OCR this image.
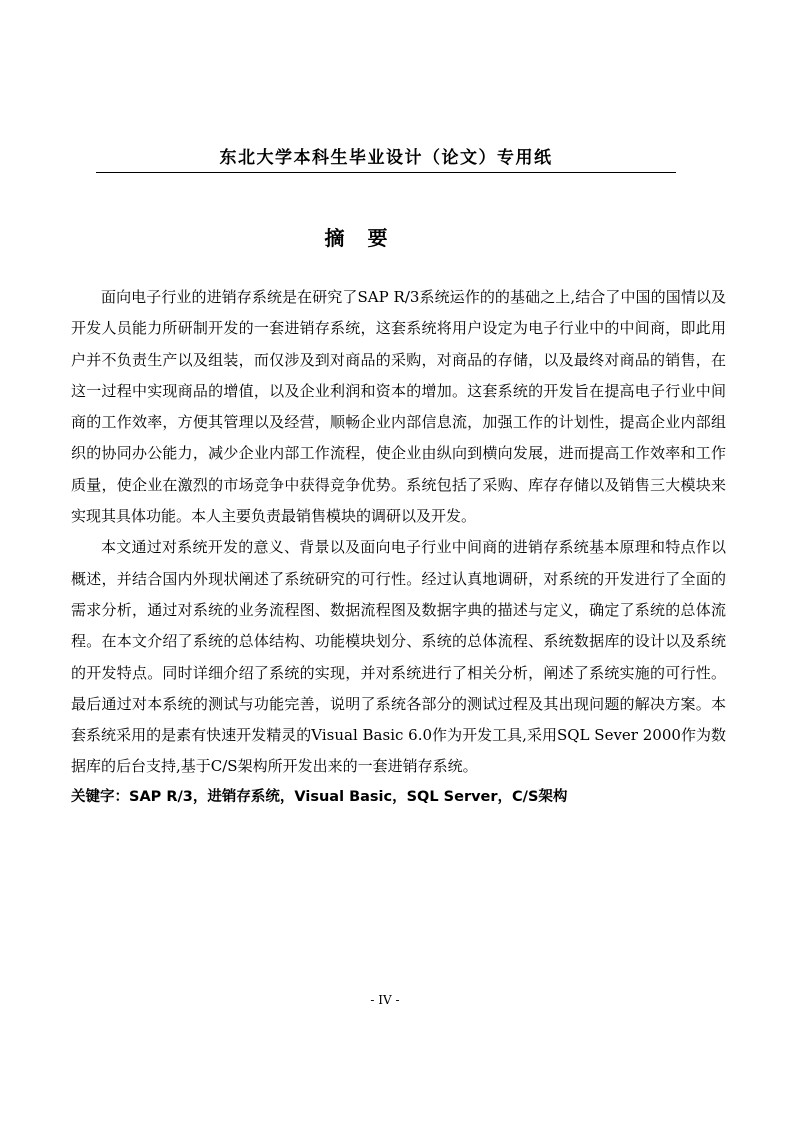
东北大学本科生毕业设计（论文）专用纸
摘 要

面向电子行业的进销存系统是在研究了SAP R/3系统运作的的基础之上,结合了中国的国情以及开发人员能力所研制开发的一套进销存系统，这套系统将用户设定为电子行业中的中间商，即此用户并不负责生产以及组装，而仅涉及到对商品的采购，对商品的存储，以及最终对商品的销售，在这一过程中实现商品的增值，以及企业利润和资本的增加。这套系统的开发旨在提高电子行业中间商的工作效率，方便其管理以及经营，顺畅企业内部信息流，加强工作的计划性，提高企业内部组织的协同办公能力，减少企业内部工作流程，使企业由纵向到横向发展，进而提高工作效率和工作质量，使企业在激烈的市场竞争中获得竞争优势。系统包括了采购、库存存储以及销售三大模块来实现其具体功能。本人主要负责最销售模块的调研以及开发。

本文通过对系统开发的意义、背景以及面向电子行业中间商的进销存系统基本原理和特点作以概述，并结合国内外现状阐述了系统研究的可行性。经过认真地调研，对系统的开发进行了全面的需求分析，通过对系统的业务流程图、数据流程图及数据字典的描述与定义，确定了系统的总体流程。在本文介绍了系统的总体结构、功能模块划分、系统的总体流程、系统数据库的设计以及系统的开发特点。同时详细介绍了系统的实现，并对系统进行了相关分析，阐述了系统实施的可行性。最后通过对本系统的测试与功能完善，说明了系统各部分的测试过程及其出现问题的解决方案。本套系统采用的是素有快速开发精灵的Visual Basic 6.0作为开发工具,采用SQL Sever 2000作为数据库的后台支持,基于C/S架构所开发出来的一套进销存系统。

关键字：SAP R/3，进销存系统，Visual Basic，SQL Server，C/S架构

- IV -
